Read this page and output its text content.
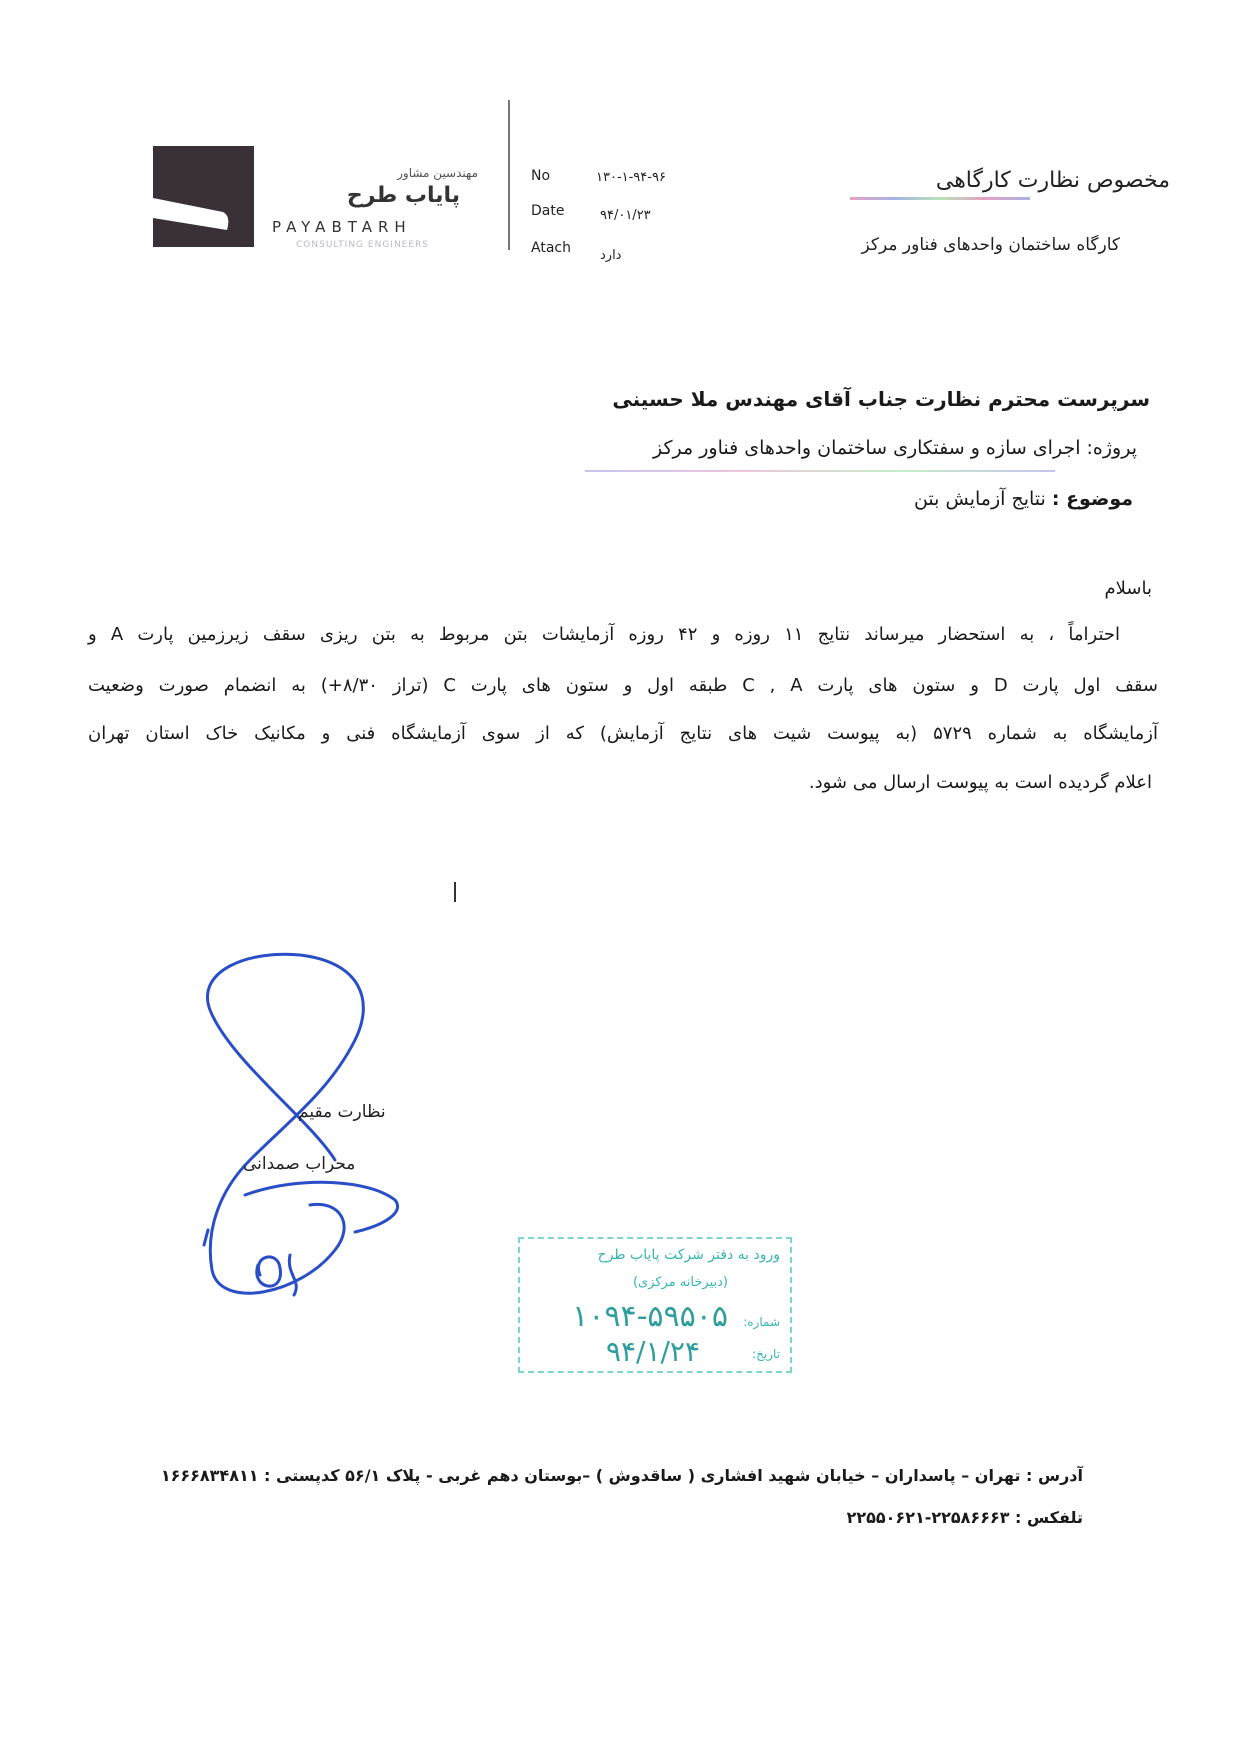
مهندسین مشاور
پایاب طرح
PAYABTARH
CONSULTING ENGINEERS
No	۱۳۰-۱-۹۴-۹۶
Date	۹۴/۰۱/۲۳
Atach دارد
مخصوص نظارت کارگاهی
کارگاه ساختمان واحدهای فناور مرکز
سرپرست محترم نظارت جناب آقای مهندس ملا حسینی
پروژه: اجرای سازه و سفتکاری ساختمان واحدهای فناور مرکز
موضوع : نتایج آزمایش بتن
باسلام
احتراماً ، به استحضار میرساند نتایج ۱۱ روزه و ۴۲ روزه آزمایشات بتن مربوط به بتن ریزی سقف زیرزمین پارت A و
سقف اول پارت D و ستون های پارت C , A طبقه اول و ستون های پارت C (تراز ۸/۳۰+) به انضمام صورت وضعیت
آزمایشگاه به شماره ۵۷۲۹ (به پیوست شیت های نتایج آزمایش) که از سوی آزمایشگاه فنی و مکانیک خاک استان تهران
اعلام گردیده است به پیوست ارسال می شود.
نظارت مقیم
محراب صمدانی
ورود به دفتر شرکت پایاب طرح
(دبیرخانه مرکزی)
شماره:
۱۰۹۴-۵۹۵۰۵
تاریخ:
۹۴/۱/۲۴
آدرس : تهران – پاسداران – خیابان شهید افشاری ( ساقدوش ) –بوستان دهم غربی - پلاک ۵۶/۱ کدپستی : ۱۶۶۶۸۳۴۸۱۱
تلفکس : ۲۲۵۸۶۶۶۳-۲۲۵۵۰۶۲۱
